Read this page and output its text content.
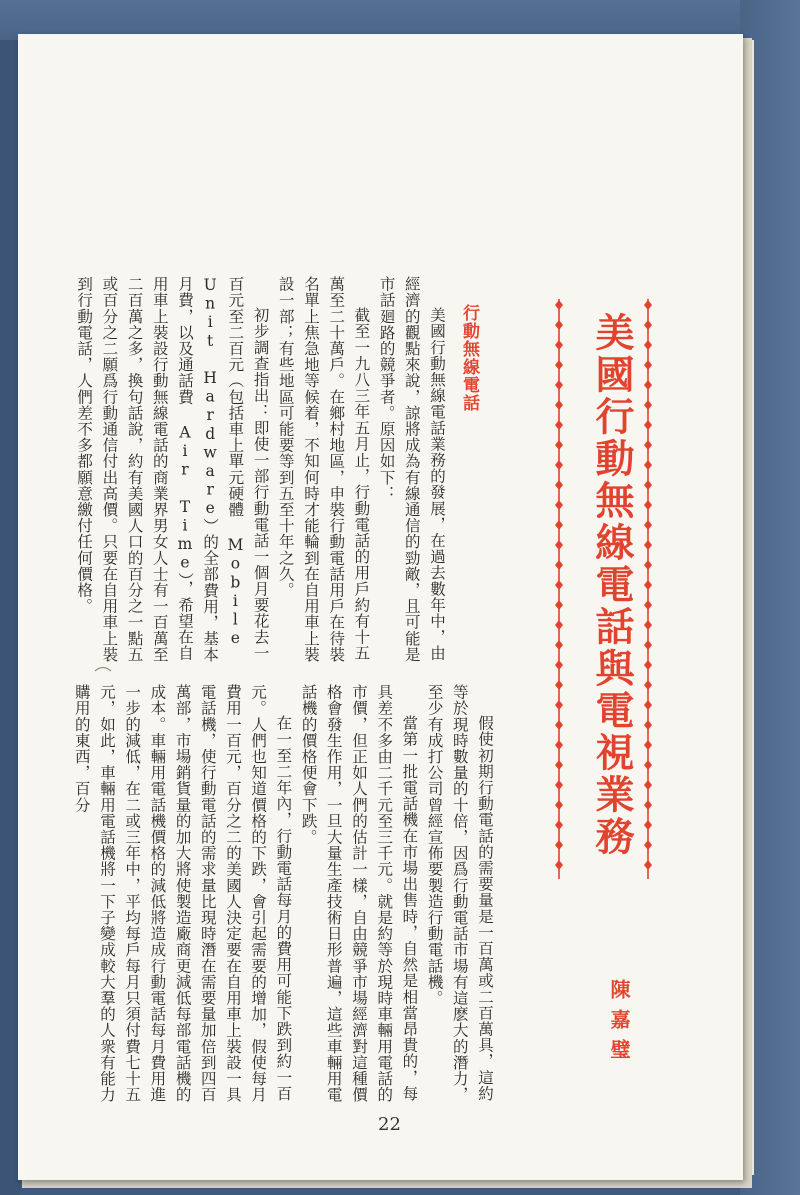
美國行動無線電話與電視業務
陳嘉璧
行動無線電話
美國行動無線電話業務的發展，在過去數年中，由經濟的觀點來說，諒將成為有線通信的勁敵，且可能是市話廻路的競爭者。原因如下：
截至一九八三年五月止，行動電話的用戶約有十五萬至二十萬戶。在鄉村地區，申裝行動電話用戶在待裝名單上焦急地等候着，不知何時才能輪到在自用車上裝設一部；有些地區可能要等到五至十年之久。
初步調查指出：即使一部行動電話一個月要花去一百元至二百元（包括車上單元硬體 Mobile Unit Hardware）的全部費用，基本月費，以及通話費 Air Time），希望在自用車上裝設行動無線電話的商業界男女人士有一百萬至二百萬之多，換句話說，約有美國人口的百分之一點五或百分之二願爲行動通信付出高價。只要在自用車上裝到行動電話，人們差不多都願意繳付任何價格。
假使初期行動電話的需要量是一百萬或二百萬具，這約等於現時數量的十倍，因爲行動電話市場有這麽大的潛力，至少有成打公司曾經宣佈要製造行動電話機。
當第一批電話機在市場出售時，自然是相當昂貴的，每具差不多由二千元至三千元。就是約等於現時車輛用電話的市價，但正如人們的估計一樣，自由競爭市場經濟對這種價格會發生作用，一旦大量生產技術日形普遍，這些車輛用電話機的價格便會下跌。
在一至二年內，行動電話每月的費用可能下跌到約一百元。人們也知道價格的下跌，會引起需要的增加，假使每月費用一百元，百分之二的美國人決定要在自用車上裝設一具電話機，使行動電話的需求量比現時潛在需要量加倍到四百萬部，市場銷貨量的加大將使製造廠商更減低每部電話機的成本。車輛用電話機價格的減低將造成行動電話每月費用進一步的減低，在二或三年中，平均每戶每月只須付費七十五元，如此，車輛用電話機將一下子變成較大羣的人衆有能力購用的東西，百分
22
